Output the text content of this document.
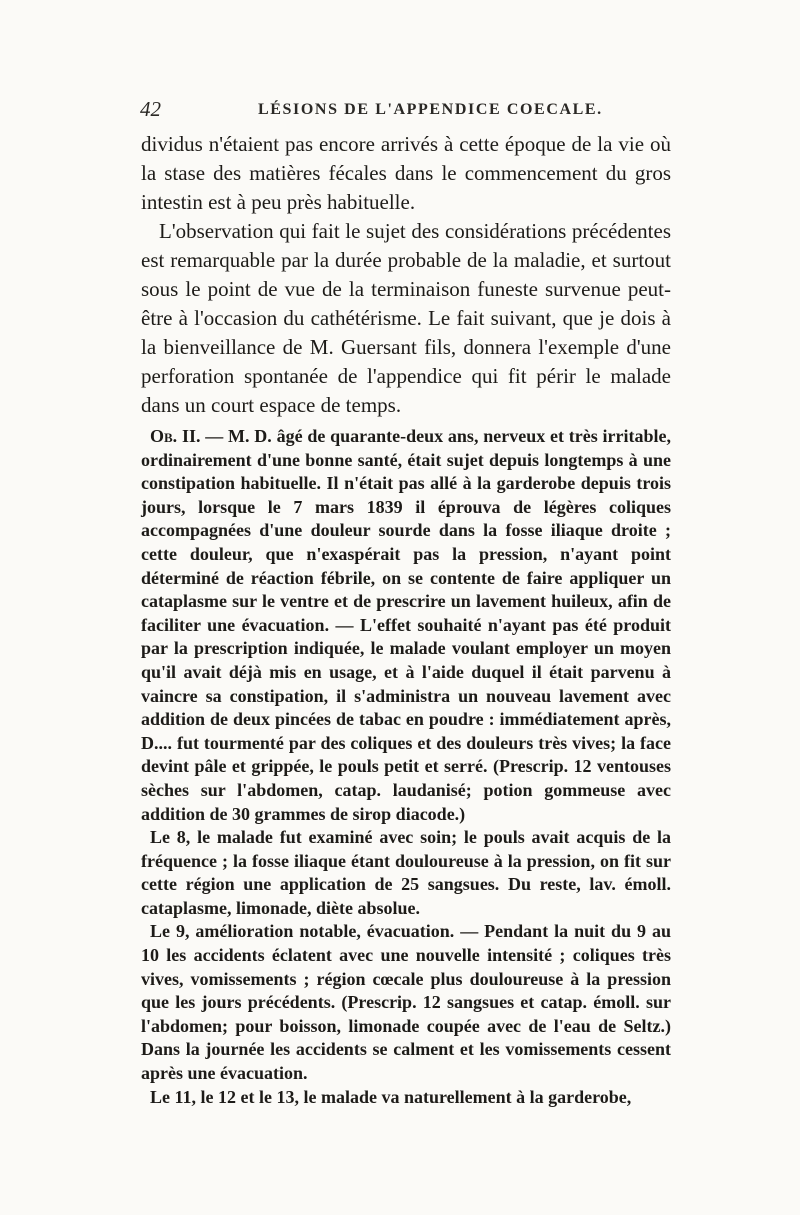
42	LÉSIONS DE L'APPENDICE COECALE.

dividus n'étaient pas encore arrivés à cette époque de la vie où la stase des matières fécales dans le commencement du gros intestin est à peu près habituelle.

L'observation qui fait le sujet des considérations précédentes est remarquable par la durée probable de la maladie, et surtout sous le point de vue de la terminaison funeste survenue peut-être à l'occasion du cathétérisme. Le fait suivant, que je dois à la bienveillance de M. Guersant fils, donnera l'exemple d'une perforation spontanée de l'appendice qui fit périr le malade dans un court espace de temps.

Ob. II. — M. D. âgé de quarante-deux ans, nerveux et très irritable, ordinairement d'une bonne santé, était sujet depuis longtemps à une constipation habituelle. Il n'était pas allé à la garderobe depuis trois jours, lorsque le 7 mars 1839 il éprouva de légères coliques accompagnées d'une douleur sourde dans la fosse iliaque droite ; cette douleur, que n'exaspérait pas la pression, n'ayant point déterminé de réaction fébrile, on se contente de faire appliquer un cataplasme sur le ventre et de prescrire un lavement huileux, afin de faciliter une évacuation. — L'effet souhaité n'ayant pas été produit par la prescription indiquée, le malade voulant employer un moyen qu'il avait déjà mis en usage, et à l'aide duquel il était parvenu à vaincre sa constipation, il s'administra un nouveau lavement avec addition de deux pincées de tabac en poudre : immédiatement après, D.... fut tourmenté par des coliques et des douleurs très vives; la face devint pâle et grippée, le pouls petit et serré. (Prescrip. 12 ventouses sèches sur l'abdomen, catap. laudanisé; potion gommeuse avec addition de 30 grammes de sirop diacode.)

Le 8, le malade fut examiné avec soin; le pouls avait acquis de la fréquence ; la fosse iliaque étant douloureuse à la pression, on fit sur cette région une application de 25 sangsues. Du reste, lav. émoll. cataplasme, limonade, diète absolue.

Le 9, amélioration notable, évacuation. — Pendant la nuit du 9 au 10 les accidents éclatent avec une nouvelle intensité ; coliques très vives, vomissements ; région cœcale plus douloureuse à la pression que les jours précédents. (Prescrip. 12 sangsues et catap. émoll. sur l'abdomen; pour boisson, limonade coupée avec de l'eau de Seltz.) Dans la journée les accidents se calment et les vomissements cessent après une évacuation.

Le 11, le 12 et le 13, le malade va naturellement à la garderobe,
